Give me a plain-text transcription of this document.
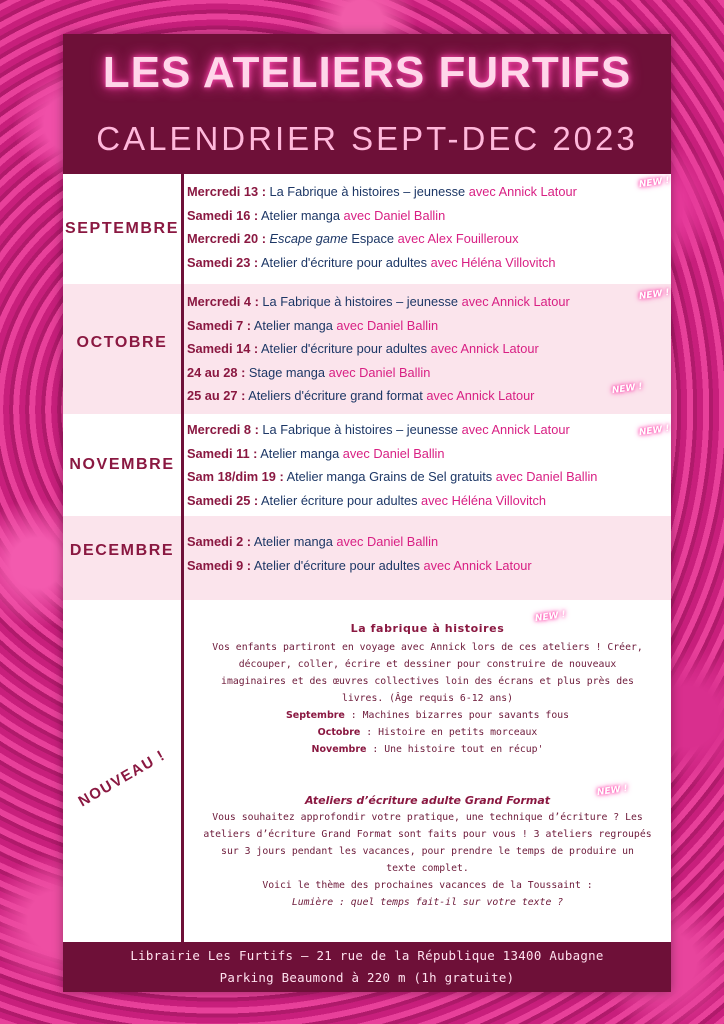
LES ATELIERS FURTIFS
CALENDRIER SEPT-DEC 2023
SEPTEMBRE
Mercredi 13 : La Fabrique à histoires – jeunesse avec Annick Latour
NEW !
Samedi 16 : Atelier manga avec Daniel Ballin
Mercredi 20 : Escape game Espace avec Alex Fouilleroux
Samedi 23 : Atelier d'écriture pour adultes avec Héléna Villovitch
OCTOBRE
Mercredi 4 : La Fabrique à histoires – jeunesse avec Annick Latour	NEW !
Samedi 7 : Atelier manga avec Daniel Ballin
Samedi 14 : Atelier d'écriture pour adultes avec Annick Latour
24 au 28 : Stage manga avec Daniel Ballin
25 au 27 : Ateliers d'écriture grand format avec Annick Latour	NEW !
NOVEMBRE
Mercredi 8 : La Fabrique à histoires – jeunesse avec Annick Latour	NEW !
Samedi 11 : Atelier manga avec Daniel Ballin
Sam 18/dim 19 : Atelier manga Grains de Sel gratuits avec Daniel Ballin
Samedi 25 : Atelier écriture pour adultes avec Héléna Villovitch
DECEMBRE
Samedi 2 : Atelier manga avec Daniel Ballin
Samedi 9 : Atelier d'écriture pour adultes avec Annick Latour
NOUVEAU !
La fabrique à histoires
Vos enfants partiront en voyage avec Annick lors de ces ateliers ! Créer,
découper, coller, écrire et dessiner pour construire de nouveaux
imaginaires et des œuvres collectives loin des écrans et plus près des
livres. (Âge requis 6-12 ans)
Septembre : Machines bizarres pour savants fous
Octobre : Histoire en petits morceaux
Novembre : Une histoire tout en récup'
NEW !
Ateliers d’écriture adulte Grand Format
Vous souhaitez approfondir votre pratique, une technique d’écriture ? Les
ateliers d’écriture Grand Format sont faits pour vous ! 3 ateliers regroupés
sur 3 jours pendant les vacances, pour prendre le temps de produire un
texte complet.
Voici le thème des prochaines vacances de la Toussaint :
Lumière : quel temps fait-il sur votre texte ?
NEW !
Librairie Les Furtifs – 21 rue de la République 13400 Aubagne
Parking Beaumond à 220 m (1h gratuite)
